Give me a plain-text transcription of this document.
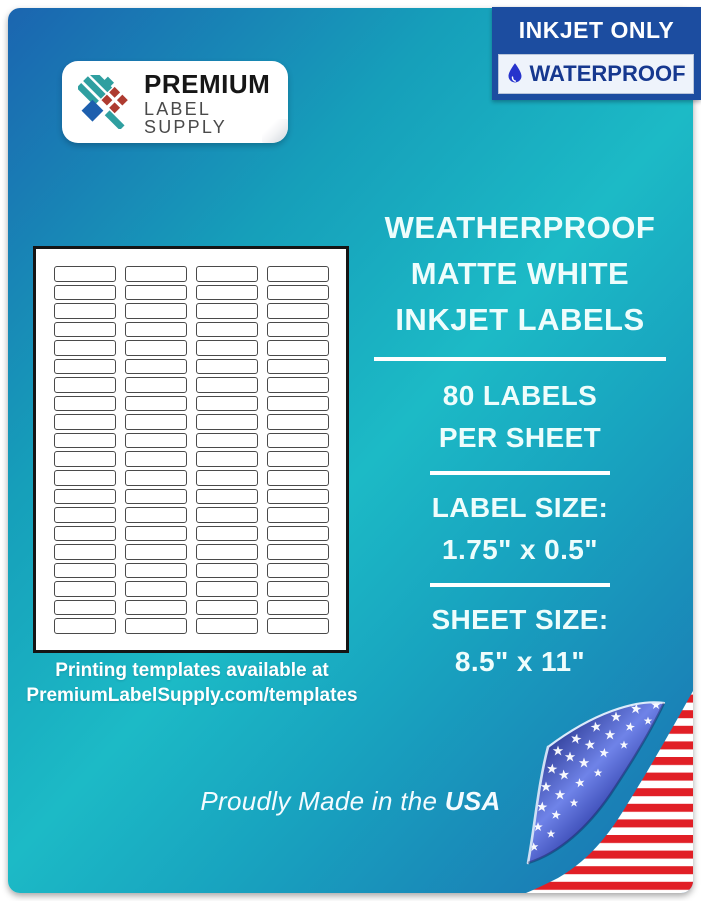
PREMIUM
LABEL SUPPLY
Printing templates available at
PremiumLabelSupply.com/templates
WEATHERPROOF
MATTE WHITE
INKJET LABELS
80 LABELS
PER SHEET
LABEL SIZE:
1.75" x 0.5"
SHEET SIZE:
8.5" x 11"
Proudly Made in the USA
INKJET ONLY
WATERPROOF
